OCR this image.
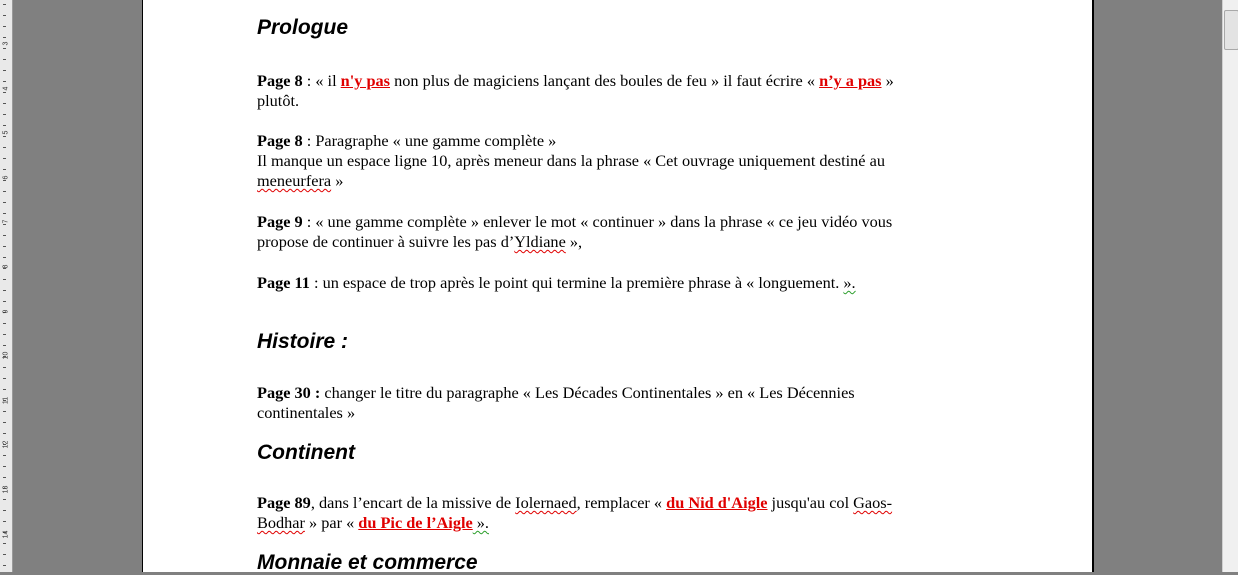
3
4
5
6
7
8
9
10
11
12
13
14
Prologue
Page 8 : « il n'y pas non plus de magiciens lançant des boules de feu » il faut écrire « n’y a pas »
plutôt.
Page 8 : Paragraphe « une gamme complète »
Il manque un espace ligne 10, après meneur dans la phrase « Cet ouvrage uniquement destiné au
meneurfera »
Page 9 : « une gamme complète » enlever le mot « continuer » dans la phrase « ce jeu vidéo vous
propose de continuer à suivre les pas d’Yldiane »,
Page 11 : un espace de trop après le point qui termine la première phrase à « longuement. ».
Histoire :
Page 30 : changer le titre du paragraphe « Les Décades Continentales » en « Les Décennies
continentales »
Continent
Page 89, dans l’encart de la missive de Iolernaed, remplacer « du Nid d'Aigle jusqu'au col Gaos-
Bodhar » par « du Pic de l’Aigle ».
Monnaie et commerce
